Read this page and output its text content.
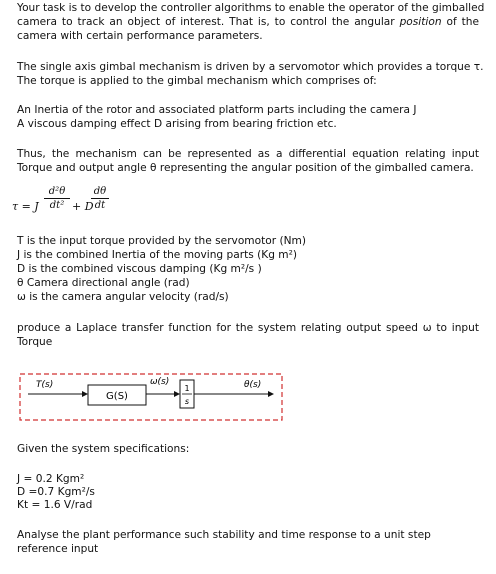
Your task is to develop the controller algorithms to enable the operator of the gimballed
camera to track an object of interest. That is, to control the angular position of the
camera with certain performance parameters.
The single axis gimbal mechanism is driven by a servomotor which provides a torque τ.
The torque is applied to the gimbal mechanism which comprises of:
An Inertia of the rotor and associated platform parts including the camera J
A viscous damping effect D arising from bearing friction etc.
Thus, the mechanism can be represented as a differential equation relating input
Torque and output angle θ representing the angular position of the gimballed camera.
τ = J
d²θ
dt² + D
dθ
dt
T is the input torque provided by the servomotor (Nm)
J is the combined Inertia of the moving parts (Kg m²)
D is the combined viscous damping (Kg m²/s )
θ Camera directional angle (rad)
ω is the camera angular velocity (rad/s)
produce a Laplace transfer function for the system relating output speed ω to input
Torque
T(s)
G(S)
ω(s)
1
s
θ(s)
Given the system specifications:
J = 0.2 Kgm²
D =0.7 Kgm²/s
Kt = 1.6 V/rad
Analyse the plant performance such stability and time response to a unit step
reference input
